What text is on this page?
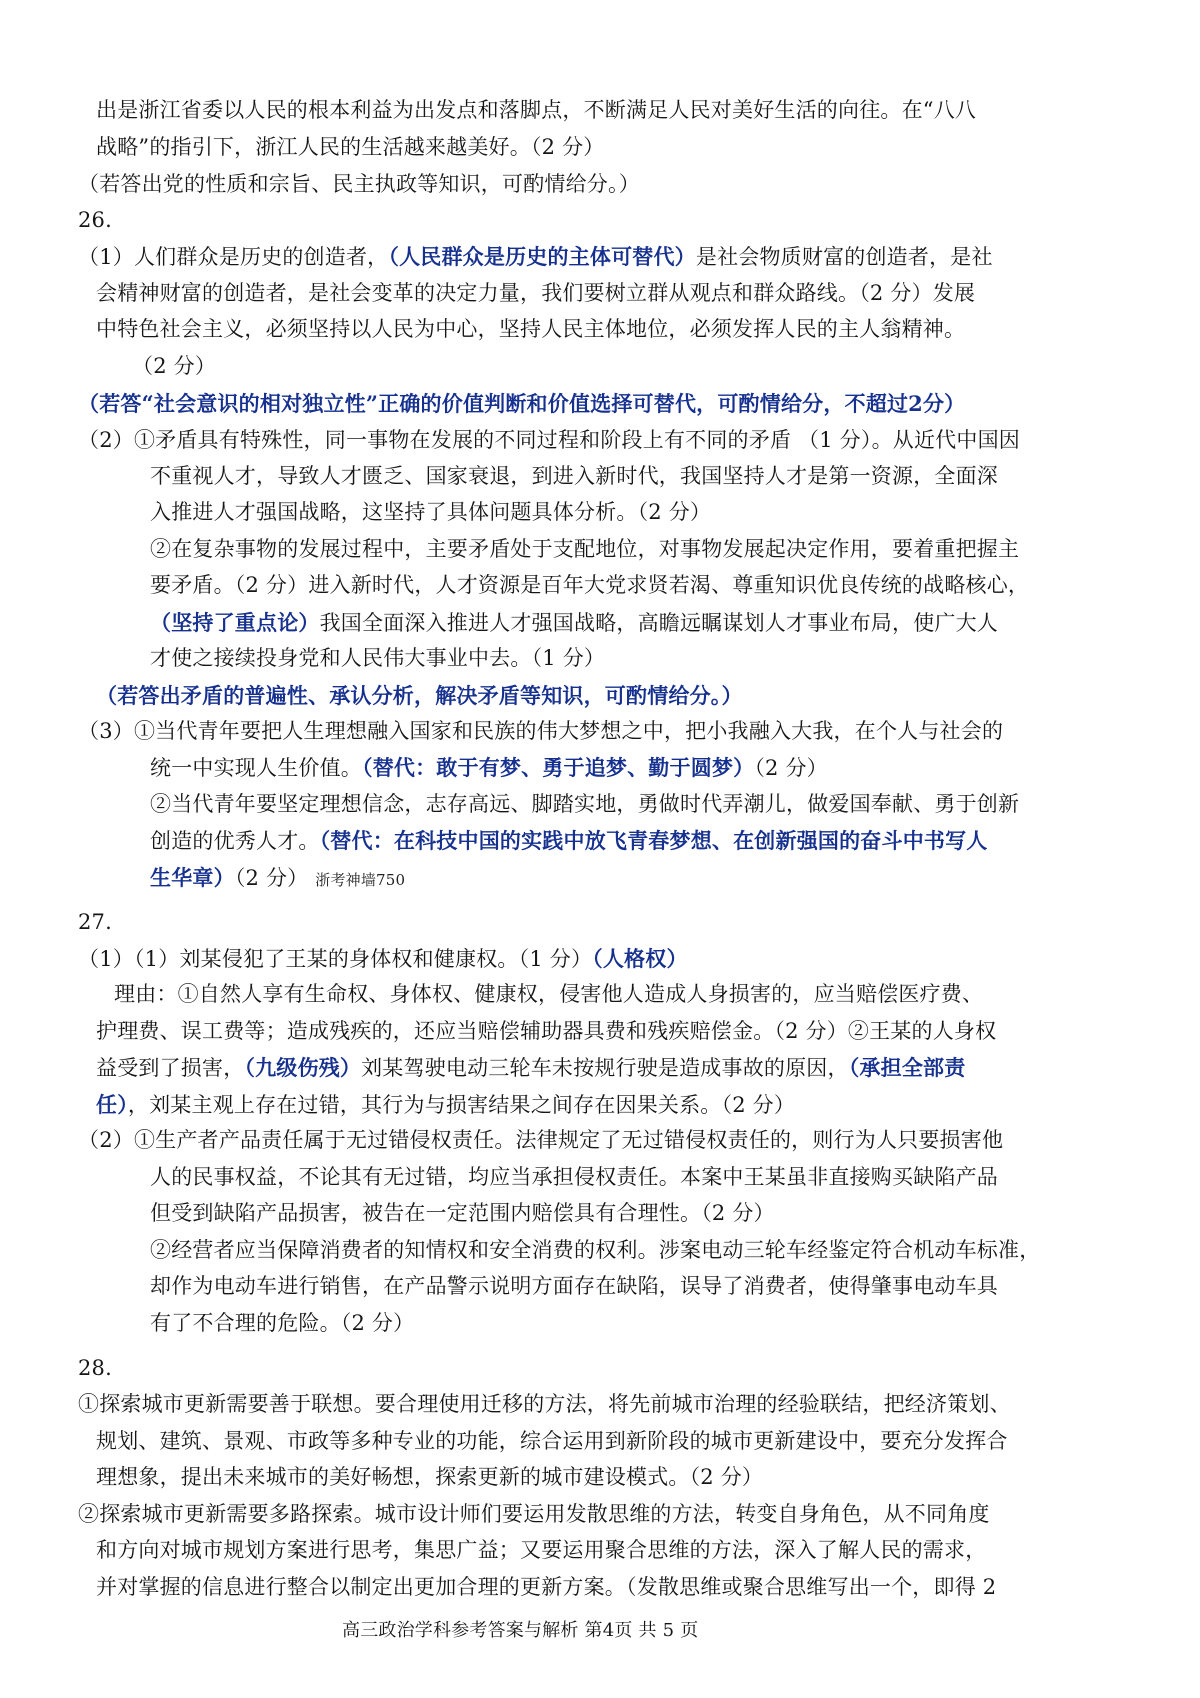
出是浙江省委以人民的根本利益为出发点和落脚点，不断满足人民对美好生活的向往。在“八八
战略”的指引下，浙江人民的生活越来越美好。（2 分）
（若答出党的性质和宗旨、民主执政等知识，可酌情给分。）
26.
（1）人们群众是历史的创造者，（人民群众是历史的主体可替代）是社会物质财富的创造者，是社
会精神财富的创造者，是社会变革的决定力量，我们要树立群从观点和群众路线。（2 分）发展
中特色社会主义，必须坚持以人民为中心，坚持人民主体地位，必须发挥人民的主人翁精神。
（2 分）
（若答“社会意识的相对独立性”正确的价值判断和价值选择可替代，可酌情给分，不超过2分）
（2）①矛盾具有特殊性，同一事物在发展的不同过程和阶段上有不同的矛盾 （1 分）。从近代中国因
不重视人才，导致人才匮乏、国家衰退，到进入新时代，我国坚持人才是第一资源，全面深
入推进人才强国战略，这坚持了具体问题具体分析。（2 分）
②在复杂事物的发展过程中，主要矛盾处于支配地位，对事物发展起决定作用，要着重把握主
要矛盾。（2 分）进入新时代，人才资源是百年大党求贤若渴、尊重知识优良传统的战略核心，
（坚持了重点论）我国全面深入推进人才强国战略，高瞻远瞩谋划人才事业布局，使广大人
才使之接续投身党和人民伟大事业中去。（1 分）
（若答出矛盾的普遍性、承认分析，解决矛盾等知识，可酌情给分。）
（3）①当代青年要把人生理想融入国家和民族的伟大梦想之中，把小我融入大我，在个人与社会的
统一中实现人生价值。（替代：敢于有梦、勇于追梦、勤于圆梦）（2 分）
②当代青年要坚定理想信念，志存高远、脚踏实地，勇做时代弄潮儿，做爱国奉献、勇于创新
创造的优秀人才。（替代：在科技中国的实践中放飞青春梦想、在创新强国的奋斗中书写人
生华章）（2 分） 浙考神墙750
27.
（1）（1）刘某侵犯了王某的身体权和健康权。（1 分）（人格权）
理由：①自然人享有生命权、身体权、健康权，侵害他人造成人身损害的，应当赔偿医疗费、
护理费、误工费等；造成残疾的，还应当赔偿辅助器具费和残疾赔偿金。（2 分）②王某的人身权
益受到了损害，（九级伤残）刘某驾驶电动三轮车未按规行驶是造成事故的原因，（承担全部责
任），刘某主观上存在过错，其行为与损害结果之间存在因果关系。（2 分）
（2）①生产者产品责任属于无过错侵权责任。法律规定了无过错侵权责任的，则行为人只要损害他
人的民事权益，不论其有无过错，均应当承担侵权责任。本案中王某虽非直接购买缺陷产品
但受到缺陷产品损害，被告在一定范围内赔偿具有合理性。（2 分）
②经营者应当保障消费者的知情权和安全消费的权利。涉案电动三轮车经鉴定符合机动车标准，
却作为电动车进行销售，在产品警示说明方面存在缺陷，误导了消费者，使得肇事电动车具
有了不合理的危险。（2 分）
28.
①探索城市更新需要善于联想。要合理使用迁移的方法，将先前城市治理的经验联结，把经济策划、
规划、建筑、景观、市政等多种专业的功能，综合运用到新阶段的城市更新建设中，要充分发挥合
理想象，提出未来城市的美好畅想，探索更新的城市建设模式。（2 分）
②探索城市更新需要多路探索。城市设计师们要运用发散思维的方法，转变自身角色，从不同角度
和方向对城市规划方案进行思考，集思广益；又要运用聚合思维的方法，深入了解人民的需求，
并对掌握的信息进行整合以制定出更加合理的更新方案。（发散思维或聚合思维写出一个，即得 2
高三政治学科参考答案与解析 第4页 共 5 页
